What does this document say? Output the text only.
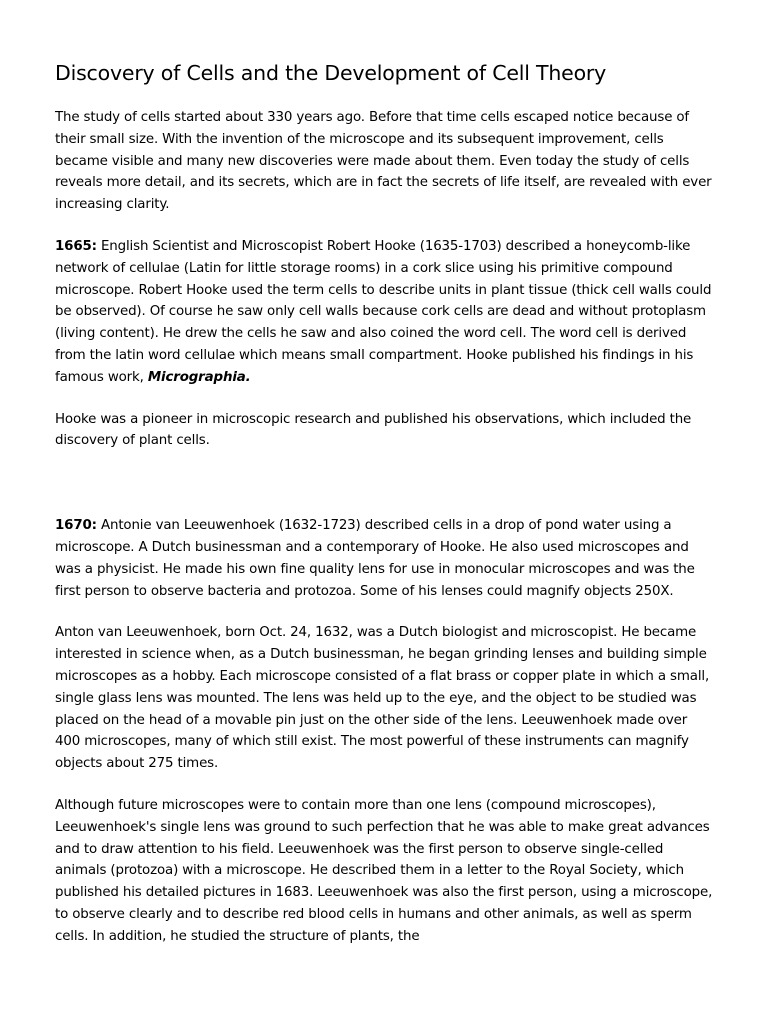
Discovery of Cells and the Development of Cell Theory

The study of cells started about 330 years ago. Before that time cells escaped notice because of their small size. With the invention of the microscope and its subsequent improvement, cells became visible and many new discoveries were made about them. Even today the study of cells reveals more detail, and its secrets, which are in fact the secrets of life itself, are revealed with ever increasing clarity.

1665: English Scientist and Microscopist Robert Hooke (1635-1703) described a honeycomb-like network of cellulae (Latin for little storage rooms) in a cork slice using his primitive compound microscope. Robert Hooke used the term cells to describe units in plant tissue (thick cell walls could be observed). Of course he saw only cell walls because cork cells are dead and without protoplasm (living content). He drew the cells he saw and also coined the word cell. The word cell is derived from the latin word cellulae which means small compartment. Hooke published his findings in his famous work, Micrographia.

Hooke was a pioneer in microscopic research and published his observations, which included the discovery of plant cells.

1670: Antonie van Leeuwenhoek (1632-1723) described cells in a drop of pond water using a microscope. A Dutch businessman and a contemporary of Hooke. He also used microscopes and was a physicist. He made his own fine quality lens for use in monocular microscopes and was the first person to observe bacteria and protozoa. Some of his lenses could magnify objects 250X.

Anton van Leeuwenhoek, born Oct. 24, 1632, was a Dutch biologist and microscopist. He became interested in science when, as a Dutch businessman, he began grinding lenses and building simple microscopes as a hobby. Each microscope consisted of a flat brass or copper plate in which a small, single glass lens was mounted. The lens was held up to the eye, and the object to be studied was placed on the head of a movable pin just on the other side of the lens. Leeuwenhoek made over 400 microscopes, many of which still exist. The most powerful of these instruments can magnify objects about 275 times.

Although future microscopes were to contain more than one lens (compound microscopes), Leeuwenhoek's single lens was ground to such perfection that he was able to make great advances and to draw attention to his field. Leeuwenhoek was the first person to observe single-celled animals (protozoa) with a microscope. He described them in a letter to the Royal Society, which published his detailed pictures in 1683. Leeuwenhoek was also the first person, using a microscope, to observe clearly and to describe red blood cells in humans and other animals, as well as sperm cells. In addition, he studied the structure of plants, the
